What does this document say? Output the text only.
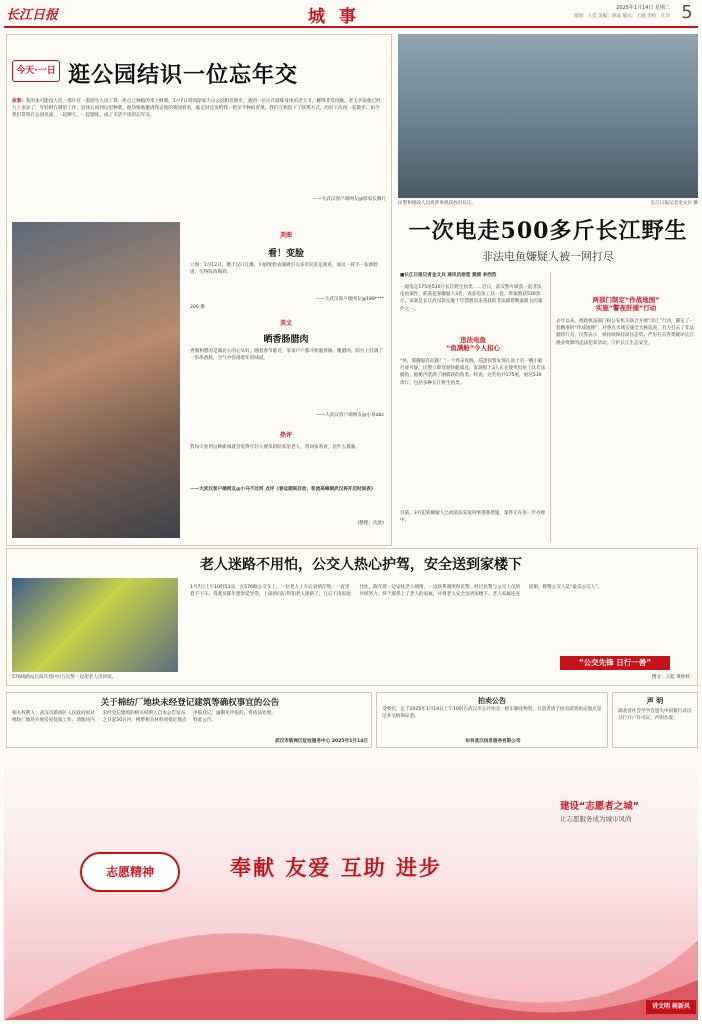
长江日报	城 事	2025年1月14日 星期二
策划：王佳 美编：陈晶 版式：王刚 责校：江洋 5
今天·一日 逛公园结识一位忘年交
故事：我的本可能没人信，那片有一张陌生人送了我一块自己种植的米上鲜菜。1月7日常到徐家大山公园附近散步，遇到一位正在锻炼身体的老大爷，聊得非常投缘。老大爷说他已经九十多岁了，年轻时在城里工作，退休后回到这里种菜。他热情地邀请我去他的菜园看看，临走时还送给我一把亲手种的青菜。我们互相留下了联系方式，约好下次再一起散步。如今我们常常在公园见面，一起聊天，一起锻炼，成了无话不谈的忘年交。
——大武汉客户端网友@影家长腾行
美图
看！变脸
立图：1月12日，摄于汉口江滩，川剧变脸表演吸引众多市民驻足观看，演员一挥手一张新脸谱，引得阵阵喝彩。
——大武汉客户端网友@189****
206 摄
美文
晒香肠腊肉
香肠和腊肉是湖北人的心头好。随着春节临近，家家户户都开始灌香肠、腌腊肉，阳台上挂满了一串串香肠，空气中弥漫着年的味道。
——大武汉客户端网友@小草abc
热评
我每天看到这种新闻就会觉得年轻人要多陪陪家里老人，常回家看看，比什么都强。
——大武汉客户端网友@小马不过河 点评《春运期间启动，客流高峰期武汉将开启时间表》
(整理：沈欣)
民警和渔政人员将涉事渔获放归长江。	长江日报记者金文兵 摄
一次电走500多斤长江野生
非法电鱼嫌疑人被一网打尽
■长江日报记者金文兵 通讯员徐莹 黄媛 李西烈
一船电走175尾530斤长江野生鱼类……近日，武汉警方破获一起非法电鱼案件，抓获犯罪嫌疑人3名，查获电鱼工具一套，涉案渔获530余斤。该案是长江武汉段实施十年禁渔以来查获的非法捕捞数量最大的案件之一。
违法电鱼
“鱼满舱”令人扣心
“快，那艘船有问题！”一个周末夜晚，巡逻民警发现江面上有一艘小船行迹可疑。民警立即驾驶快艇靠近，发现船上3人正在使用电鱼工具非法捕鱼，船舱内装满了刚捕获的鱼类。经查，这些鱼共175尾，重达530余斤，包括多种长江野生鱼类。
目前，3名犯罪嫌疑人已被依法采取刑事强制措施，案件正在进一步办理中。
两部门制定“作战地图”
实施“警夜肝捕”行动
去年以来，渔政执法部门和公安机关联合开展“清江”行动，制定了一套精准的“作战地图”，对重点水域实施全天候巡查，有力打击了非法捕捞行为。民警表示，将持续保持高压态势，严厉打击各类破坏长江渔业资源的违法犯罪活动，守护长江生态安全。
老人迷路不用怕，公交人热心护驾，安全送到家楼下
576线路站长陈年建(中)与民警一起把老人送回家。
1月7日上午10时53分，在576路公交车上，一位老人上车后表情茫然，一直坐着不下车。驾驶员陈年建察觉异常，上前询问后得知老人迷路了，且记不清家庭住址。陈年建一边安抚老人情绪，一边联系调度和民警。经过民警与公交人员的共同努力，终于联系上了老人的家属，并将老人安全送到家楼下。老人家属连连道谢，称赞公交人是“最美公交人”。
“公交先锋 日行一善”
撰文：王乾 黄妙妙
关于棉纺厂地块未经登记建筑等确权事宜的公告
相关权利人：武汉市新洲区人民政府拟对棉纺厂地块开展房屋征收工作。请地块内未经登记建筑的相关权利人自本公告发布之日起30日内，携带相关材料到指定地点申报登记。逾期未申报的，将依法处理。特此公告。
武汉市新洲区征收服务中心 2025年1月14日
拍卖公告
受委托，定于2025年1月14日上午10时在武汉市公开拍卖一批车辆及物资，有意者请于拍卖前到指定地点登记并交纳保证金。
如有武汉信息服务有限公司
声 明
湖北省社会学学会遗失中国银行武汉分行开户许可证，声明作废。
建设“志愿者之城”
让志愿服务成为城市风尚
志愿精神	奉献 友爱 互助 进步
讲文明 树新风
